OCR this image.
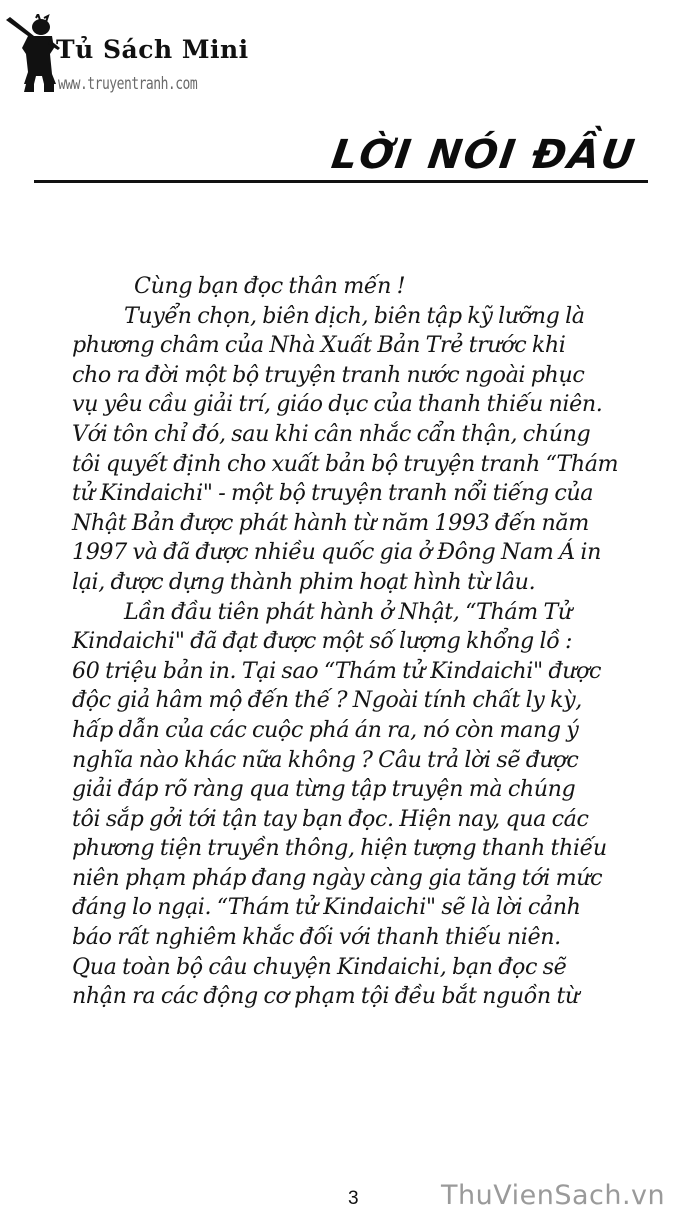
Tủ Sách Mini
www.truyentranh.com
LỜI NÓI ĐẦU
Cùng bạn đọc thân mến !
Tuyển chọn, biên dịch, biên tập kỹ lưỡng là
phương châm của Nhà Xuất Bản Trẻ trước khi
cho ra đời một bộ truyện tranh nước ngoài phục
vụ yêu cầu giải trí, giáo dục của thanh thiếu niên.
Với tôn chỉ đó, sau khi cân nhắc cẩn thận, chúng
tôi quyết định cho xuất bản bộ truyện tranh “Thám
tử Kindaichi" - một bộ truyện tranh nổi tiếng của
Nhật Bản được phát hành từ năm 1993 đến năm
1997 và đã được nhiều quốc gia ở Đông Nam Á in
lại, được dựng thành phim hoạt hình từ lâu.
Lần đầu tiên phát hành ở Nhật, “Thám Tử
Kindaichi" đã đạt được một số lượng khổng lồ :
60 triệu bản in. Tại sao “Thám tử Kindaichi" được
độc giả hâm mộ đến thế ? Ngoài tính chất ly kỳ,
hấp dẫn của các cuộc phá án ra, nó còn mang ý
nghĩa nào khác nữa không ? Câu trả lời sẽ được
giải đáp rõ ràng qua từng tập truyện mà chúng
tôi sắp gởi tới tận tay bạn đọc. Hiện nay, qua các
phương tiện truyền thông, hiện tượng thanh thiếu
niên phạm pháp đang ngày càng gia tăng tới mức
đáng lo ngại. “Thám tử Kindaichi" sẽ là lời cảnh
báo rất nghiêm khắc đối với thanh thiếu niên.
Qua toàn bộ câu chuyện Kindaichi, bạn đọc sẽ
nhận ra các động cơ phạm tội đều bắt nguồn từ
3	ThuVienSach.vn
